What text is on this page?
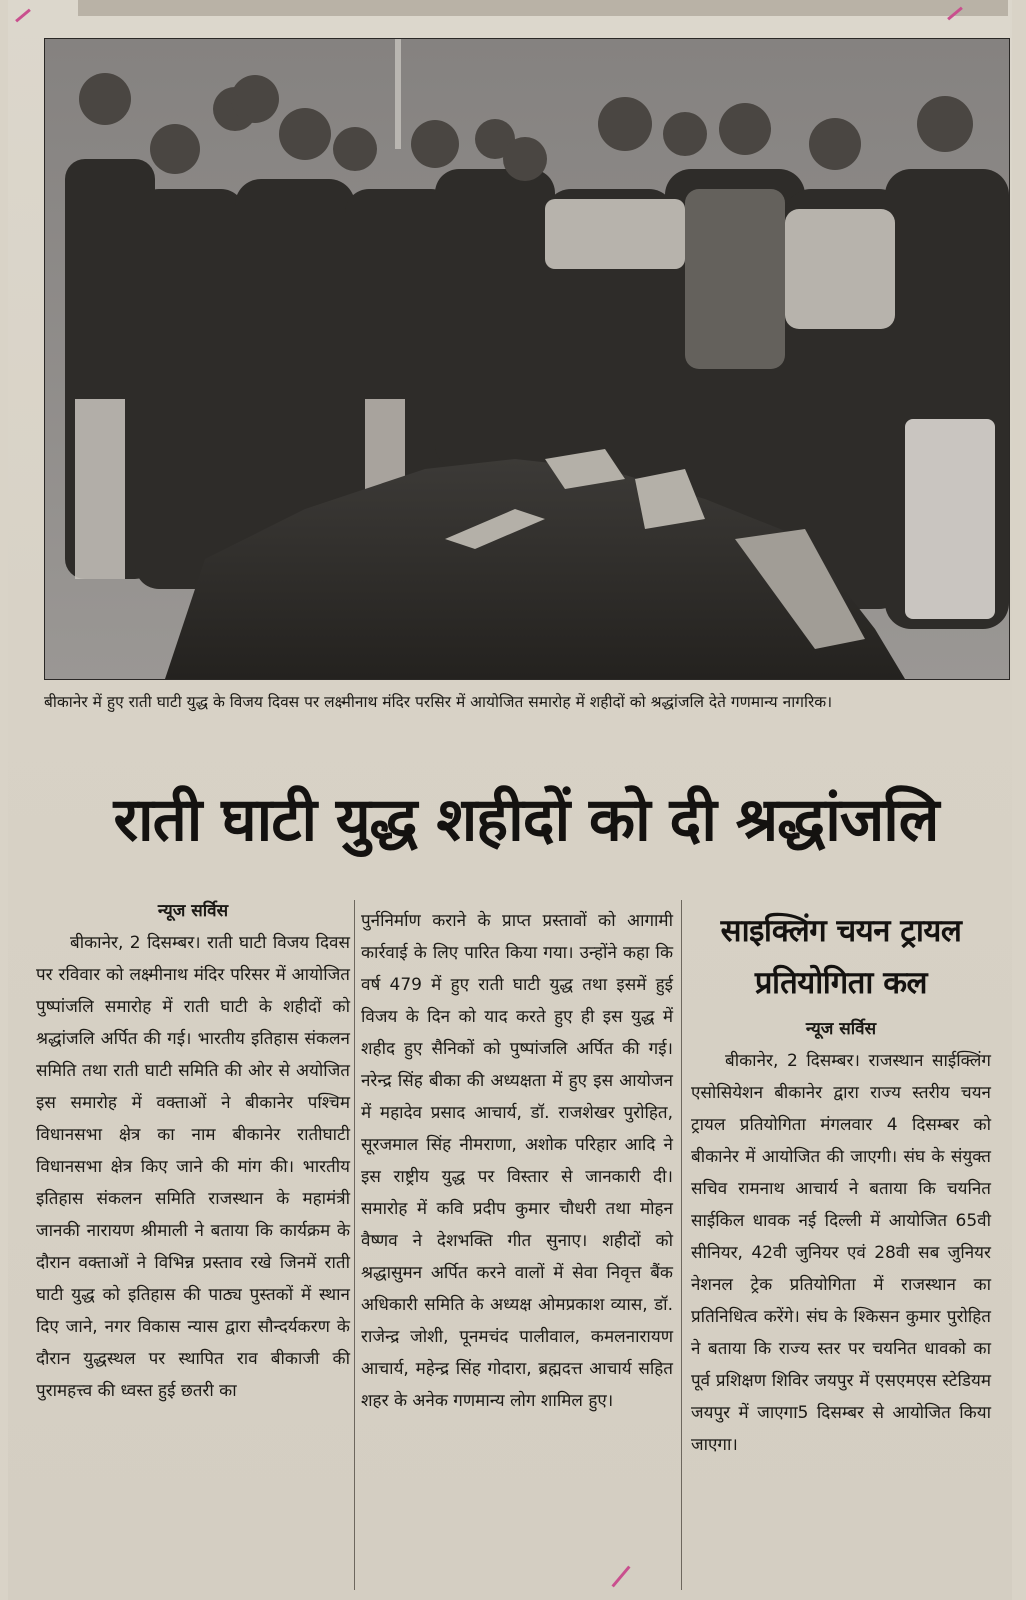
बीकानेर में हुए राती घाटी युद्ध के विजय दिवस पर लक्ष्मीनाथ मंदिर परसिर में आयोजित समारोह में शहीदों को श्रद्धांजलि देते गणमान्य नागरिक।
राती घाटी युद्ध शहीदों को दी श्रद्धांजलि
न्यूज सर्विस

बीकानेर, 2 दिसम्बर। राती घाटी विजय दिवस पर रविवार को लक्ष्मीनाथ मंदिर परिसर में आयोजित पुष्पांजलि समारोह में राती घाटी के शहीदों को श्रद्धांजलि अर्पित की गई। भारतीय इतिहास संकलन समिति तथा राती घाटी समिति की ओर से अयोजित इस समारोह में वक्ताओं ने बीकानेर पश्चिम विधानसभा क्षेत्र का नाम बीकानेर रातीघाटी विधानसभा क्षेत्र किए जाने की मांग की। भारतीय इतिहास संकलन समिति राजस्थान के महामंत्री जानकी नारायण श्रीमाली ने बताया कि कार्यक्रम के दौरान वक्ताओं ने विभिन्न प्रस्ताव रखे जिनमें राती घाटी युद्ध को इतिहास की पाठ्य पुस्तकों में स्थान दिए जाने, नगर विकास न्यास द्वारा सौन्दर्यकरण के दौरान युद्धस्थल पर स्थापित राव बीकाजी की पुरामहत्त्व की ध्वस्त हुई छतरी का

पुर्ननिर्माण कराने के प्राप्त प्रस्तावों को आगामी कार्रवाई के लिए पारित किया गया। उन्होंने कहा कि वर्ष 479 में हुए राती घाटी युद्ध तथा इसमें हुई विजय के दिन को याद करते हुए ही इस युद्ध में शहीद हुए सैनिकों को पुष्पांजलि अर्पित की गई। नरेन्द्र सिंह बीका की अध्यक्षता में हुए इस आयोजन में महादेव प्रसाद आचार्य, डॉ. राजशेखर पुरोहित, सूरजमाल सिंह नीमराणा, अशोक परिहार आदि ने इस राष्ट्रीय युद्ध पर विस्तार से जानकारी दी। समारोह में कवि प्रदीप कुमार चौधरी तथा मोहन वैष्णव ने देशभक्ति गीत सुनाए। शहीदों को श्रद्धासुमन अर्पित करने वालों में सेवा निवृत्त बैंक अधिकारी समिति के अध्यक्ष ओमप्रकाश व्यास, डॉ. राजेन्द्र जोशी, पूनमचंद पालीवाल, कमलनारायण आचार्य, महेन्द्र सिंह गोदारा, ब्रह्मदत्त आचार्य सहित शहर के अनेक गणमान्य लोग शामिल हुए।

साइक्लिंग चयन ट्रायल प्रतियोगिता कल
न्यूज सर्विस

बीकानेर, 2 दिसम्बर। राजस्थान साईक्लिंग एसोसियेशन बीकानेर द्वारा राज्य स्तरीय चयन ट्रायल प्रतियोगिता मंगलवार 4 दिसम्बर को बीकानेर में आयोजित की जाएगी। संघ के संयुक्त सचिव रामनाथ आचार्य ने बताया कि चयनित साईकिल धावक नई दिल्ली में आयोजित 65वी सीनियर, 42वी जुनियर एवं 28वी सब जुनियर नेशनल ट्रेक प्रतियोगिता में राजस्थान का प्रतिनिधित्व करेंगे। संघ के श्किसन कुमार पुरोहित ने बताया कि राज्य स्तर पर चयनित धावको का पूर्व प्रशिक्षण शिविर जयपुर में एसएमएस स्टेडियम जयपुर में जाएगा5 दिसम्बर से आयोजित किया जाएगा।
